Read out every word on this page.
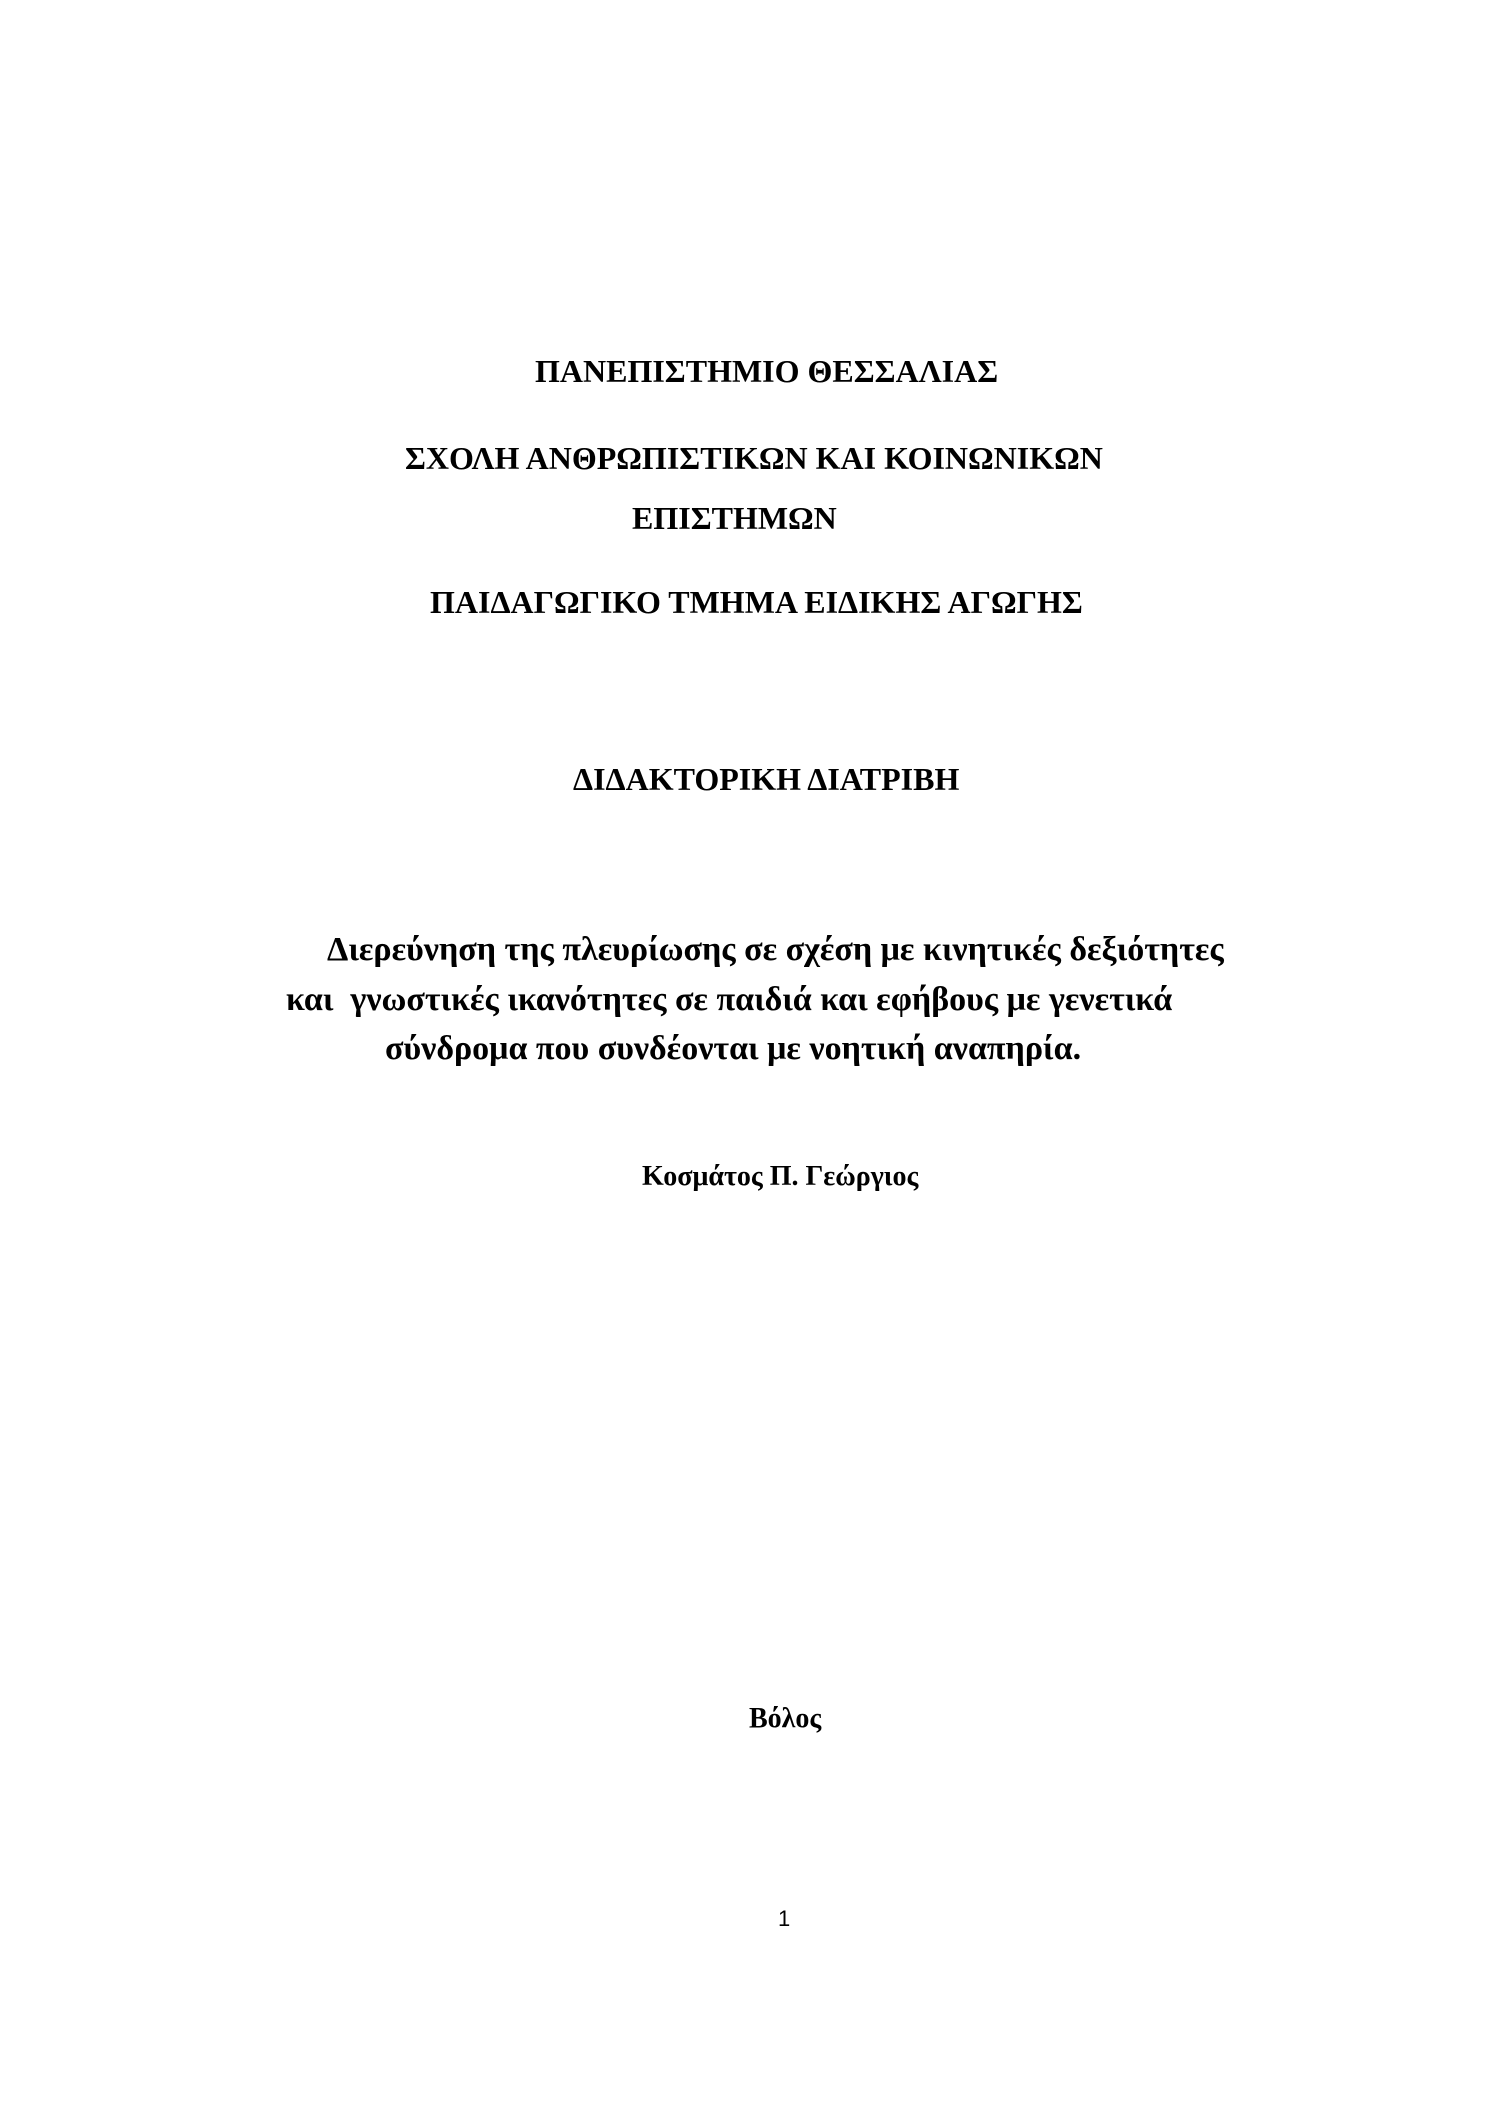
ΠΑΝΕΠΙΣΤΗΜΙΟ ΘΕΣΣΑΛΙΑΣ
ΣΧΟΛΗ ΑΝΘΡΩΠΙΣΤΙΚΩΝ ΚΑΙ ΚΟΙΝΩΝΙΚΩΝ
ΕΠΙΣΤΗΜΩΝ
ΠΑΙΔΑΓΩΓΙΚΟ ΤΜΗΜΑ ΕΙΔΙΚΗΣ ΑΓΩΓΗΣ
ΔΙΔΑΚΤΟΡΙΚΗ ΔΙΑΤΡΙΒΗ
Διερεύνηση της πλευρίωσης σε σχέση με κινητικές δεξιότητες
και  γνωστικές ικανότητες σε παιδιά και εφήβους με γενετικά
σύνδρομα που συνδέονται με νοητική αναπηρία.
Κοσμάτος Π. Γεώργιος
Βόλος
1
